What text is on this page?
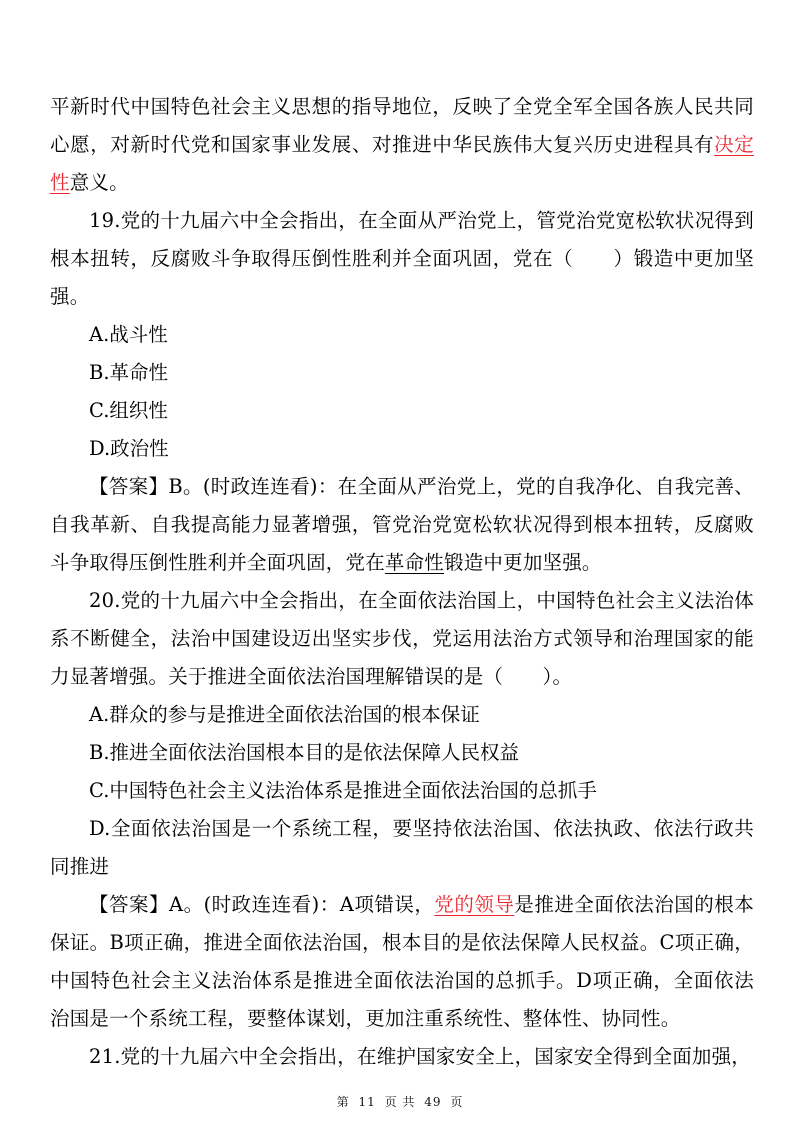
平新时代中国特色社会主义思想的指导地位，反映了全党全军全国各族人民共同心愿，对新时代党和国家事业发展、对推进中华民族伟大复兴历史进程具有决定性意义。

19.党的十九届六中全会指出，在全面从严治党上，管党治党宽松软状况得到根本扭转，反腐败斗争取得压倒性胜利并全面巩固，党在（　　）锻造中更加坚强。

A.战斗性

B.革命性

C.组织性

D.政治性

【答案】B。(时政连连看)：在全面从严治党上，党的自我净化、自我完善、自我革新、自我提高能力显著增强，管党治党宽松软状况得到根本扭转，反腐败斗争取得压倒性胜利并全面巩固，党在革命性锻造中更加坚强。

20.党的十九届六中全会指出，在全面依法治国上，中国特色社会主义法治体系不断健全，法治中国建设迈出坚实步伐，党运用法治方式领导和治理国家的能力显著增强。关于推进全面依法治国理解错误的是（　　）。

A.群众的参与是推进全面依法治国的根本保证

B.推进全面依法治国根本目的是依法保障人民权益

C.中国特色社会主义法治体系是推进全面依法治国的总抓手

D.全面依法治国是一个系统工程，要坚持依法治国、依法执政、依法行政共同推进

【答案】A。(时政连连看)：A项错误，党的领导是推进全面依法治国的根本保证。B项正确，推进全面依法治国，根本目的是依法保障人民权益。C项正确，中国特色社会主义法治体系是推进全面依法治国的总抓手。D项正确，全面依法治国是一个系统工程，要整体谋划，更加注重系统性、整体性、协同性。

21.党的十九届六中全会指出，在维护国家安全上，国家安全得到全面加强，

第 11 页 共 49 页
